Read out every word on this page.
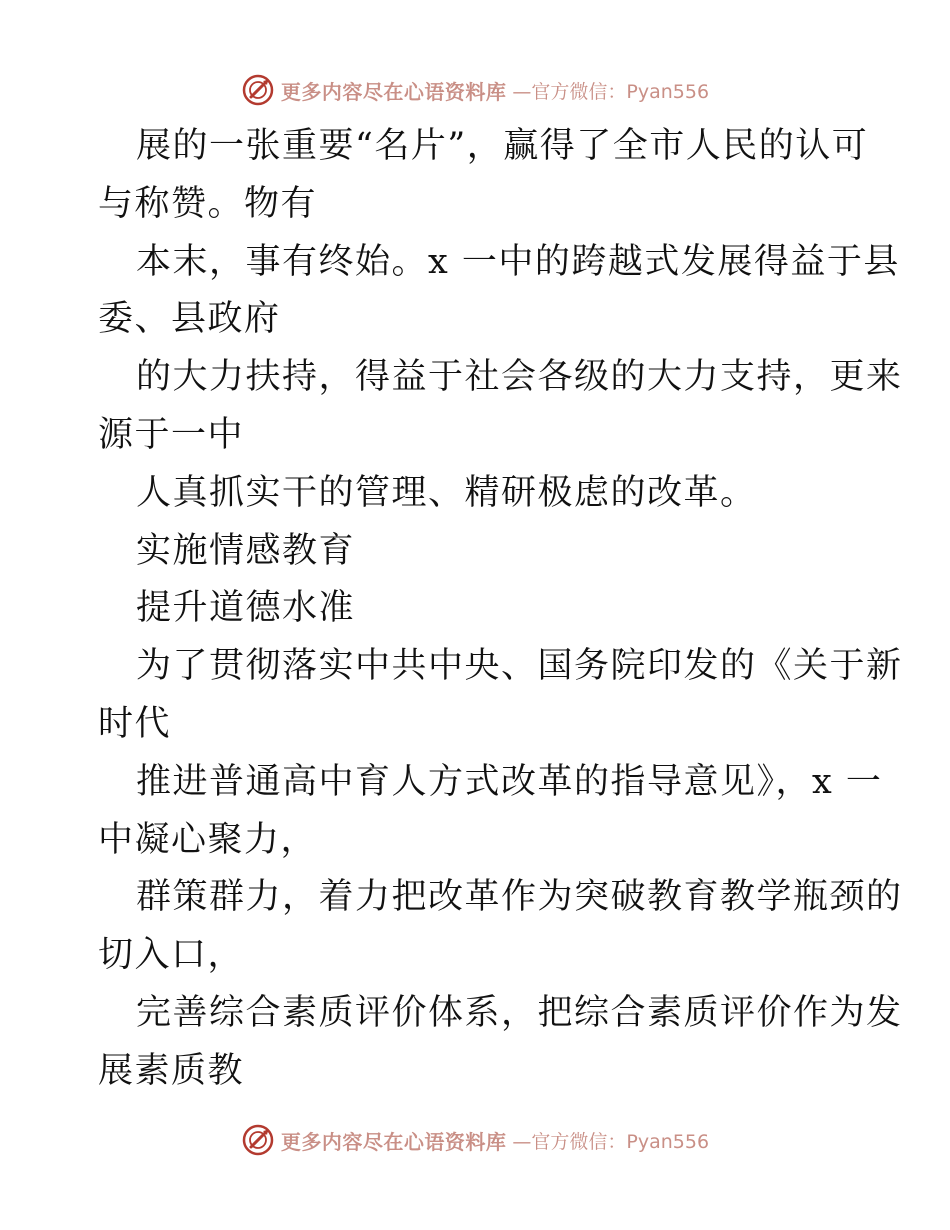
更多内容尽在心语资料库 —官方微信：Pyan556
展的一张重要“名片”，赢得了全市人民的认可
与称赞。物有
本末，事有终始。x 一中的跨越式发展得益于县
委、县政府
的大力扶持，得益于社会各级的大力支持，更来
源于一中
人真抓实干的管理、精研极虑的改革。
实施情感教育
提升道德水准
为了贯彻落实中共中央、国务院印发的《关于新
时代
推进普通高中育人方式改革的指导意见》，x 一
中凝心聚力，
群策群力，着力把改革作为突破教育教学瓶颈的
切入口，
完善综合素质评价体系，把综合素质评价作为发
展素质教
更多内容尽在心语资料库 —官方微信：Pyan556
